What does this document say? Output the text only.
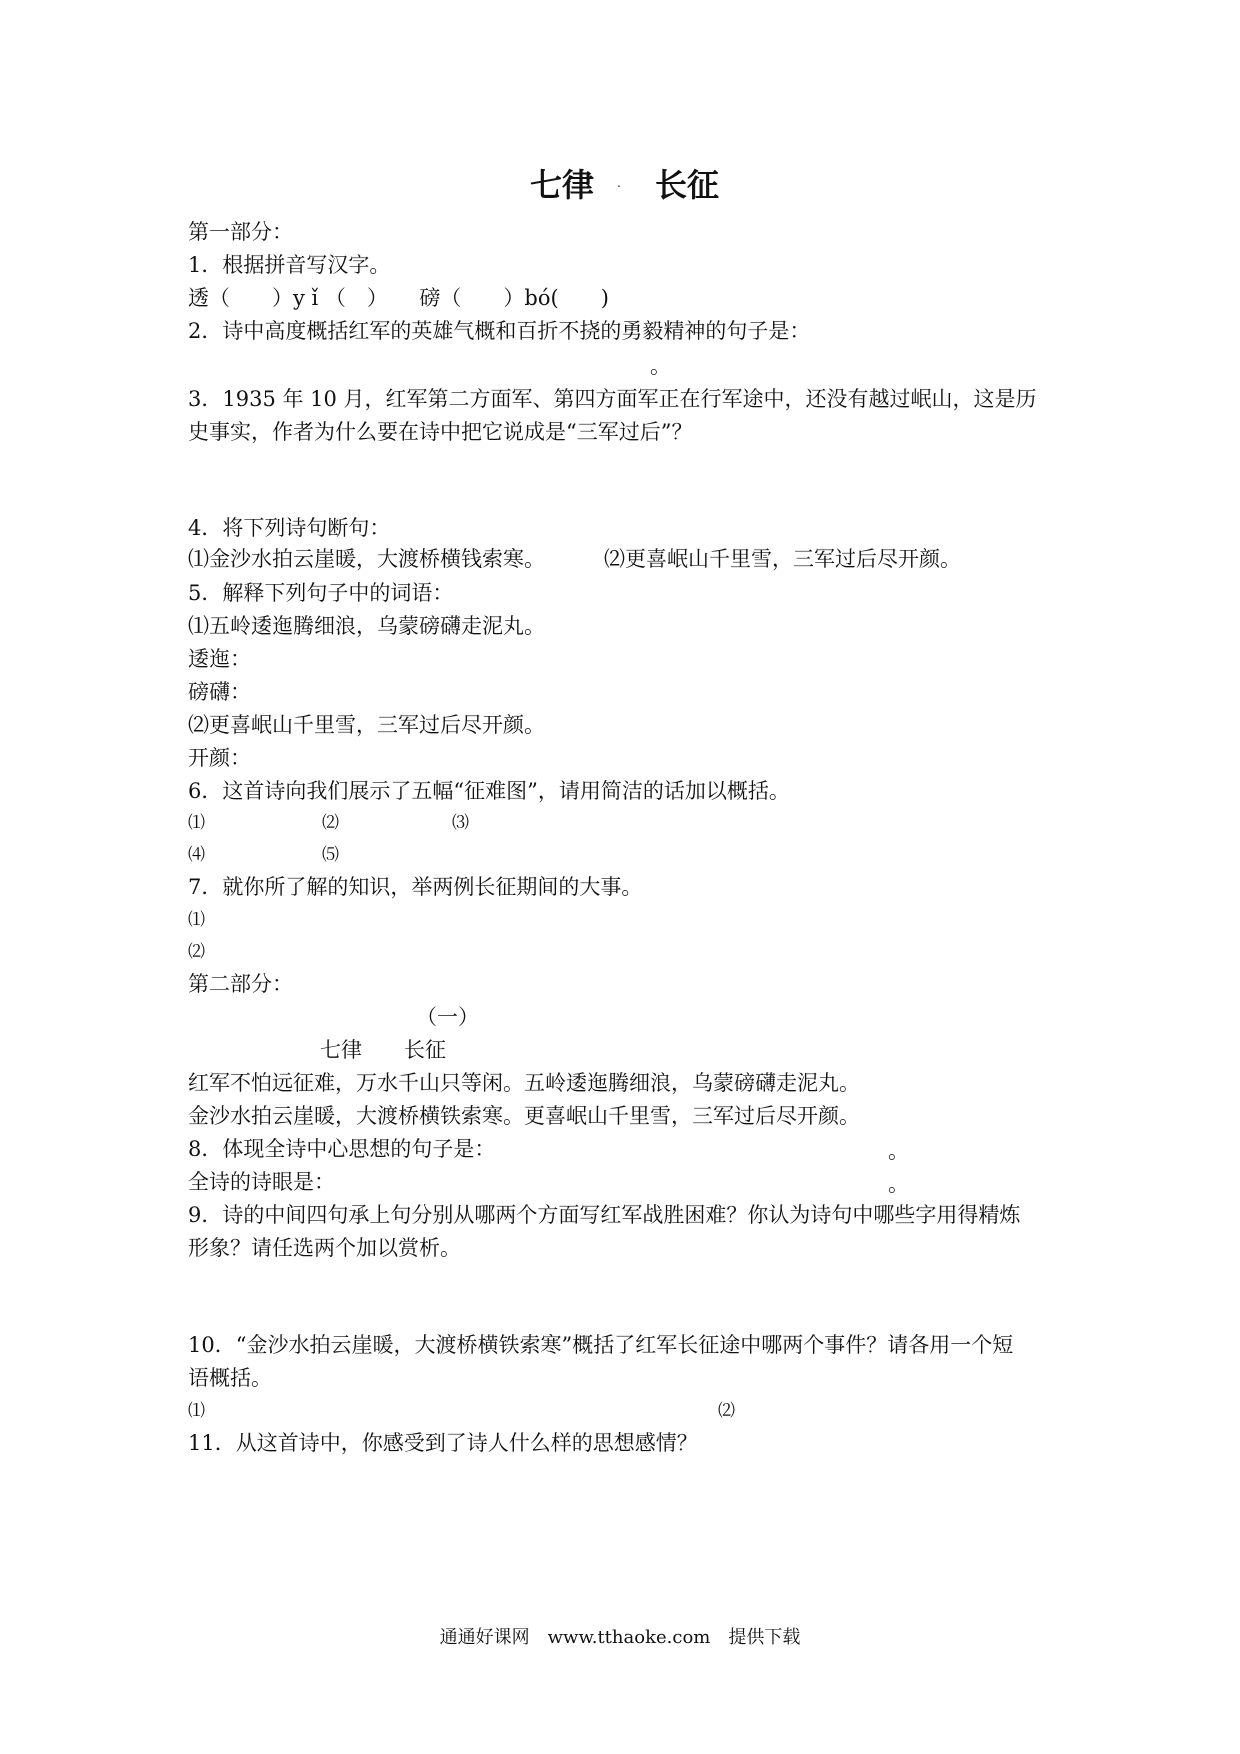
七律 . 长征
第一部分：
1．根据拼音写汉字。
透（　　）y ǐ （　）　　磅（　　）bó(　　)
2．诗中高度概括红军的英雄气概和百折不挠的勇毅精神的句子是：
。
3．1935 年 10 月，红军第二方面军、第四方面军正在行军途中，还没有越过岷山，这是历
史事实，作者为什么要在诗中把它说成是“三军过后”？
4．将下列诗句断句：
⑴金沙水拍云崖暖，大渡桥横钱索寒。	⑵更喜岷山千里雪，三军过后尽开颜。
5．解释下列句子中的词语：
⑴五岭逶迤腾细浪，乌蒙磅礴走泥丸。
逶迤：
磅礴：
⑵更喜岷山千里雪，三军过后尽开颜。
开颜：
6．这首诗向我们展示了五幅“征难图”，请用简洁的话加以概括。
⑴	⑵	⑶
⑷	⑸
7．就你所了解的知识，举两例长征期间的大事。
⑴
⑵
第二部分：
（一）
七律　　长征
红军不怕远征难，万水千山只等闲。五岭逶迤腾细浪，乌蒙磅礴走泥丸。
金沙水拍云崖暖，大渡桥横铁索寒。更喜岷山千里雪，三军过后尽开颜。
8．体现全诗中心思想的句子是：	。
全诗的诗眼是：	。
9．诗的中间四句承上句分别从哪两个方面写红军战胜困难？你认为诗句中哪些字用得精炼
形象？请任选两个加以赏析。
10．“金沙水拍云崖暖，大渡桥横铁索寒”概括了红军长征途中哪两个事件？请各用一个短
语概括。
⑴	⑵
11．从这首诗中，你感受到了诗人什么样的思想感情？
通通好课网　www.tthaoke.com　提供下载
